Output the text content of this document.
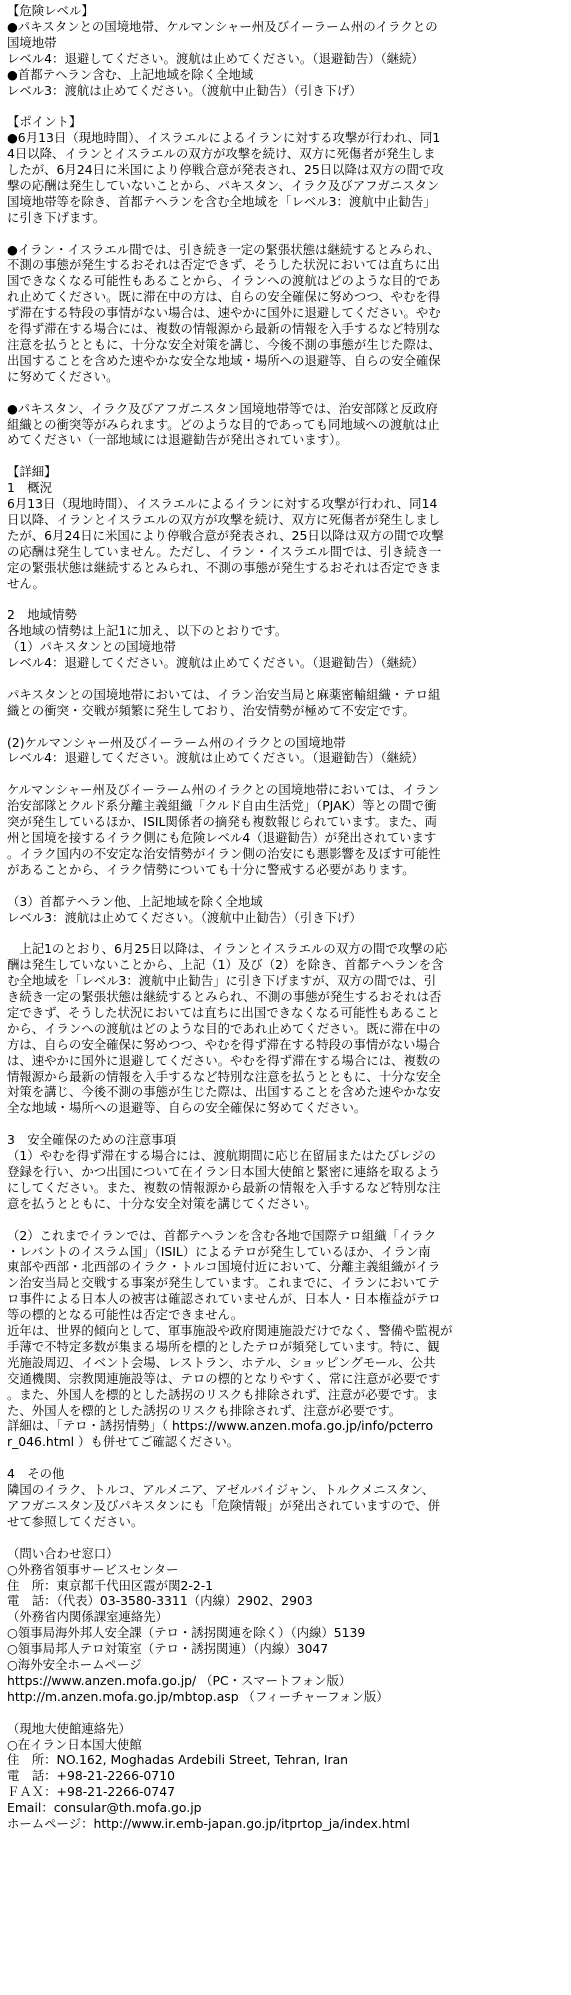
【危険レベル】
●パキスタンとの国境地帯、ケルマンシャー州及びイーラーム州のイラクとの
国境地帯
レベル4：退避してください。渡航は止めてください。（退避勧告）（継続）
●首都テヘラン含む、上記地域を除く全地域
レベル3：渡航は止めてください。（渡航中止勧告）（引き下げ）
【ポイント】
●6月13日（現地時間）、イスラエルによるイランに対する攻撃が行われ、同1
4日以降、イランとイスラエルの双方が攻撃を続け、双方に死傷者が発生しま
したが、6月24日に米国により停戦合意が発表され、25日以降は双方の間で攻
撃の応酬は発生していないことから、パキスタン、イラク及びアフガニスタン
国境地帯等を除き、首都テヘランを含む全地域を「レベル3：渡航中止勧告」
に引き下げます。
●イラン・イスラエル間では、引き続き一定の緊張状態は継続するとみられ、
不測の事態が発生するおそれは否定できず、そうした状況においては直ちに出
国できなくなる可能性もあることから、イランへの渡航はどのような目的であ
れ止めてください。既に滞在中の方は、自らの安全確保に努めつつ、やむを得
ず滞在する特段の事情がない場合は、速やかに国外に退避してください。やむ
を得ず滞在する場合には、複数の情報源から最新の情報を入手するなど特別な
注意を払うとともに、十分な安全対策を講じ、今後不測の事態が生じた際は、
出国することを含めた速やかな安全な地域・場所への退避等、自らの安全確保
に努めてください。
●パキスタン、イラク及びアフガニスタン国境地帯等では、治安部隊と反政府
組織との衝突等がみられます。どのような目的であっても同地域への渡航は止
めてください（一部地域には退避勧告が発出されています）。
【詳細】
1　概況
6月13日（現地時間）、イスラエルによるイランに対する攻撃が行われ、同14
日以降、イランとイスラエルの双方が攻撃を続け、双方に死傷者が発生しまし
たが、6月24日に米国により停戦合意が発表され、25日以降は双方の間で攻撃
の応酬は発生していません。ただし、イラン・イスラエル間では、引き続き一
定の緊張状態は継続するとみられ、不測の事態が発生するおそれは否定できま
せん。
2　地域情勢
各地域の情勢は上記1に加え、以下のとおりです。
（1）パキスタンとの国境地帯
レベル4：退避してください。渡航は止めてください。（退避勧告）（継続）
パキスタンとの国境地帯においては、イラン治安当局と麻薬密輸組織・テロ組
織との衝突・交戦が頻繁に発生しており、治安情勢が極めて不安定です。
(2)ケルマンシャー州及びイーラーム州のイラクとの国境地帯
レベル4：退避してください。渡航は止めてください。（退避勧告）（継続）
ケルマンシャー州及びイーラーム州のイラクとの国境地帯においては、イラン
治安部隊とクルド系分離主義組織「クルド自由生活党」（PJAK）等との間で衝
突が発生しているほか、ISIL関係者の摘発も複数報じられています。また、両
州と国境を接するイラク側にも危険レベル4（退避勧告）が発出されています
。イラク国内の不安定な治安情勢がイラン側の治安にも悪影響を及ぼす可能性
があることから、イラク情勢についても十分に警戒する必要があります。
（3）首都テヘラン他、上記地域を除く全地域
レベル3：渡航は止めてください。（渡航中止勧告）（引き下げ）
　上記1のとおり、6月25日以降は、イランとイスラエルの双方の間で攻撃の応
酬は発生していないことから、上記（1）及び（2）を除き、首都テヘランを含
む全地域を「レベル3：渡航中止勧告」に引き下げますが、双方の間では、引
き続き一定の緊張状態は継続するとみられ、不測の事態が発生するおそれは否
定できず、そうした状況においては直ちに出国できなくなる可能性もあること
から、イランへの渡航はどのような目的であれ止めてください。既に滞在中の
方は、自らの安全確保に努めつつ、やむを得ず滞在する特段の事情がない場合
は、速やかに国外に退避してください。やむを得ず滞在する場合には、複数の
情報源から最新の情報を入手するなど特別な注意を払うとともに、十分な安全
対策を講じ、今後不測の事態が生じた際は、出国することを含めた速やかな安
全な地域・場所への退避等、自らの安全確保に努めてください。
3　安全確保のための注意事項
（1）やむを得ず滞在する場合には、渡航期間に応じ在留届またはたびレジの
登録を行い、かつ出国について在イラン日本国大使館と緊密に連絡を取るよう
にしてください。また、複数の情報源から最新の情報を入手するなど特別な注
意を払うとともに、十分な安全対策を講じてください。
（2）これまでイランでは、首都テヘランを含む各地で国際テロ組織「イラク
・レバントのイスラム国」（ISIL）によるテロが発生しているほか、イラン南
東部や西部・北西部のイラク・トルコ国境付近において、分離主義組織がイラ
ン治安当局と交戦する事案が発生しています。これまでに、イランにおいてテ
ロ事件による日本人の被害は確認されていませんが、日本人・日本権益がテロ
等の標的となる可能性は否定できません。
近年は、世界的傾向として、軍事施設や政府関連施設だけでなく、警備や監視が
手薄で不特定多数が集まる場所を標的としたテロが頻発しています。特に、観
光施設周辺、イベント会場、レストラン、ホテル、ショッピングモール、公共
交通機関、宗教関連施設等は、テロの標的となりやすく、常に注意が必要です
。また、外国人を標的とした誘拐のリスクも排除されず、注意が必要です。ま
た、外国人を標的とした誘拐のリスクも排除されず、注意が必要です。
詳細は、「テロ・誘拐情勢」（ https://www.anzen.mofa.go.jp/info/pcterro
r_046.html ）も併せてご確認ください。
4　その他
隣国のイラク、トルコ、アルメニア、アゼルバイジャン、トルクメニスタン、
アフガニスタン及びパキスタンにも「危険情報」が発出されていますので、併
せて参照してください。
（問い合わせ窓口）
○外務省領事サービスセンター
住　所：東京都千代田区霞が関2-2-1
電　話：（代表）03-3580-3311（内線）2902、2903
（外務省内関係課室連絡先）
○領事局海外邦人安全課（テロ・誘拐関連を除く）（内線）5139
○領事局邦人テロ対策室（テロ・誘拐関連）（内線）3047
○海外安全ホームページ
https://www.anzen.mofa.go.jp/ （PC・スマートフォン版）
http://m.anzen.mofa.go.jp/mbtop.asp （フィーチャーフォン版）
（現地大使館連絡先）
○在イラン日本国大使館
住　所：NO.162, Moghadas Ardebili Street, Tehran, Iran
電　話：+98-21-2266-0710
ＦＡＸ：+98-21-2266-0747
Email：consular@th.mofa.go.jp
ホームページ：http://www.ir.emb-japan.go.jp/itprtop_ja/index.html
